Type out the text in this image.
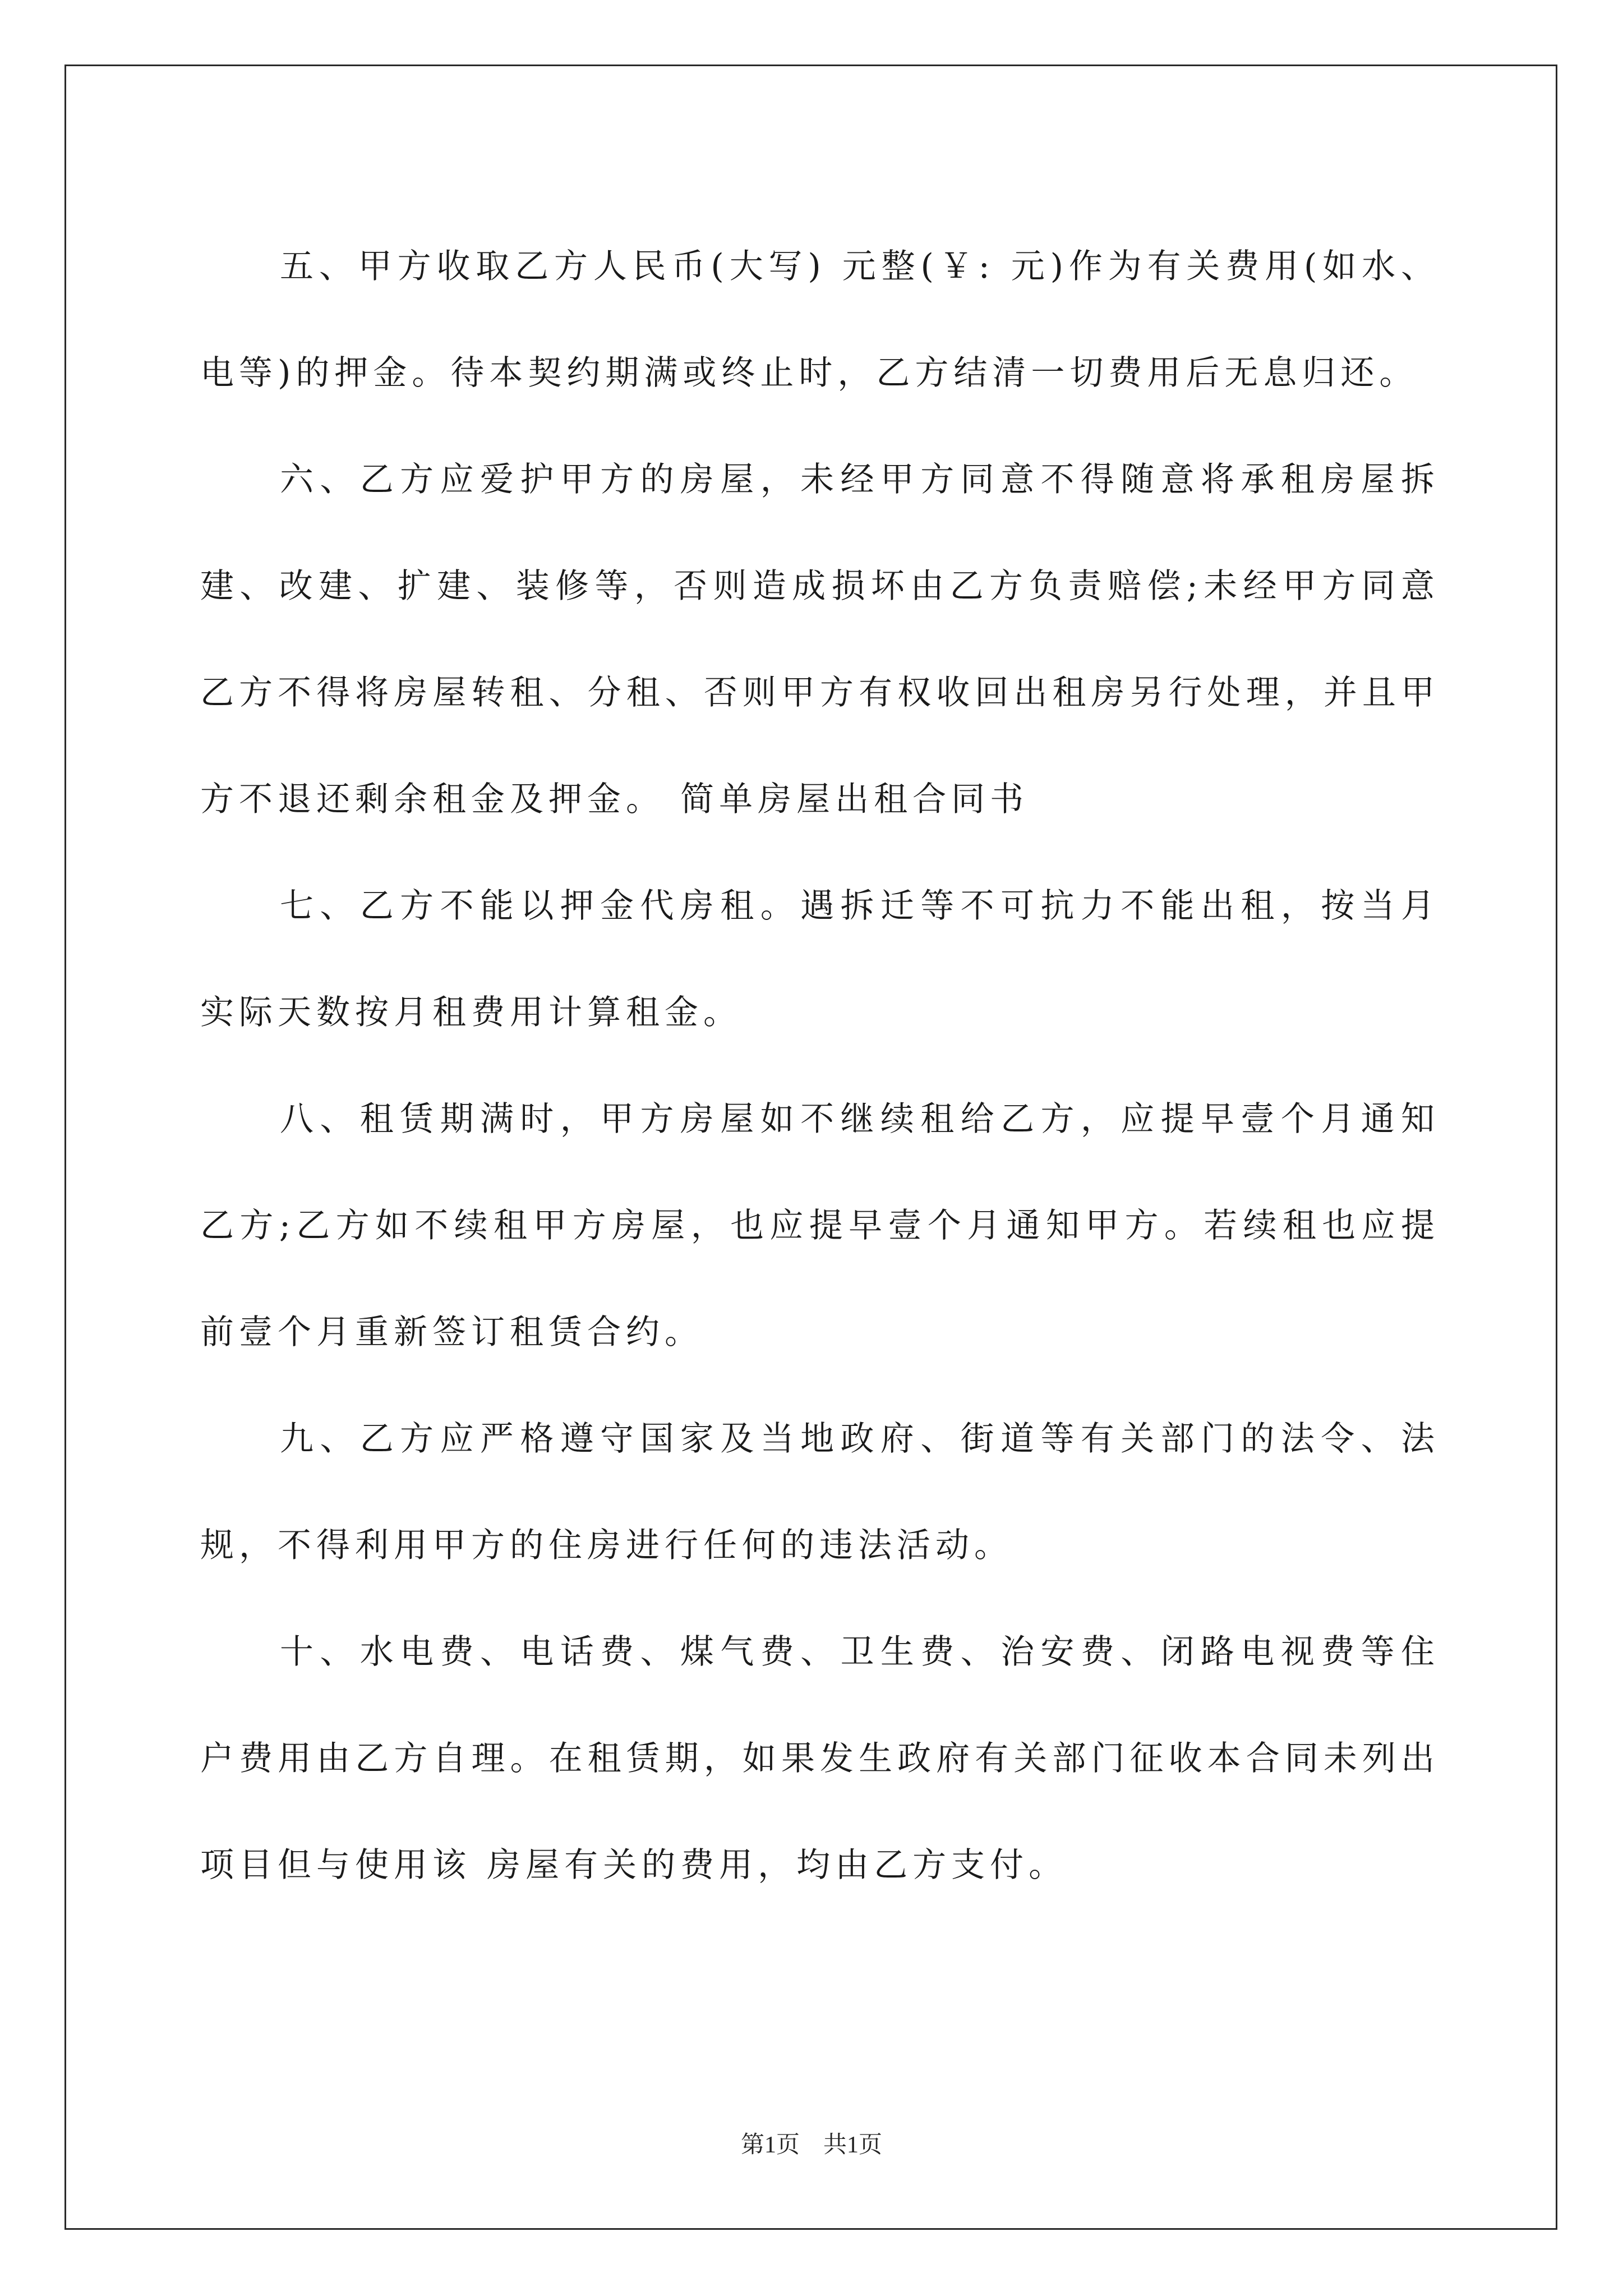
五、甲方收取乙方人民币(大写) 元整(￥: 元)作为有关费用(如水、电等)的押金。待本契约期满或终止时，乙方结清一切费用后无息归还。

六、乙方应爱护甲方的房屋，未经甲方同意不得随意将承租房屋拆建、改建、扩建、装修等，否则造成损坏由乙方负责赔偿;未经甲方同意乙方不得将房屋转租、分租、否则甲方有权收回出租房另行处理，并且甲方不退还剩余租金及押金。 简单房屋出租合同书

七、乙方不能以押金代房租。遇拆迁等不可抗力不能出租，按当月实际天数按月租费用计算租金。

八、租赁期满时，甲方房屋如不继续租给乙方，应提早壹个月通知乙方;乙方如不续租甲方房屋，也应提早壹个月通知甲方。若续租也应提前壹个月重新签订租赁合约。

九、乙方应严格遵守国家及当地政府、街道等有关部门的法令、法规，不得利用甲方的住房进行任何的违法活动。

十、水电费、电话费、煤气费、卫生费、治安费、闭路电视费等住户费用由乙方自理。在租赁期，如果发生政府有关部门征收本合同未列出项目但与使用该 房屋有关的费用，均由乙方支付。

第1页　共1页
